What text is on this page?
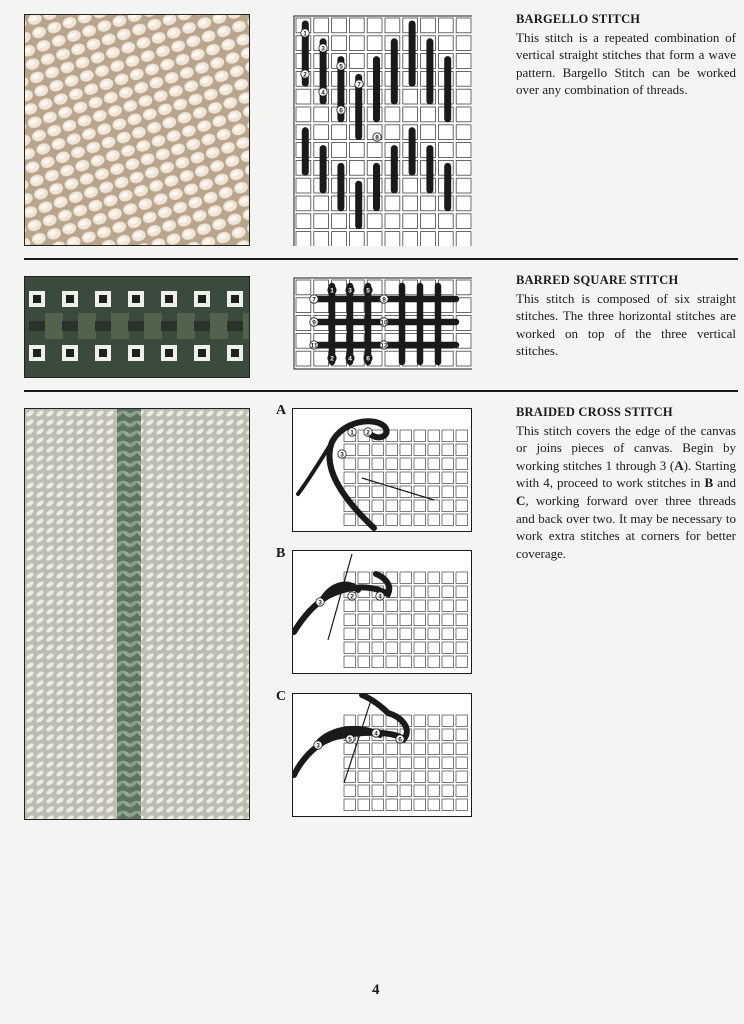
1
2
3
4
5
6
7
8
BARGELLO STITCH

This stitch is a repeated combination of vertical straight stitches that form a wave pattern. Bargello Stitch can be worked over any combination of threads.

1
2
3
4
5
6
7	8
9	10
11	12
BARRED SQUARE STITCH

This stitch is composed of six straight stitches. The three horizontal stitches are worked on top of the three vertical stitches.

A
B
C
1 2
3
3
2	4
3
5
4
6
BRAIDED CROSS STITCH

This stitch covers the edge of the canvas or joins pieces of canvas. Begin by working stitches 1 through 3 (A). Starting with 4, proceed to work stitches in B and C, working forward over three threads and back over two. It may be necessary to work extra stitches at corners for better coverage.

4
